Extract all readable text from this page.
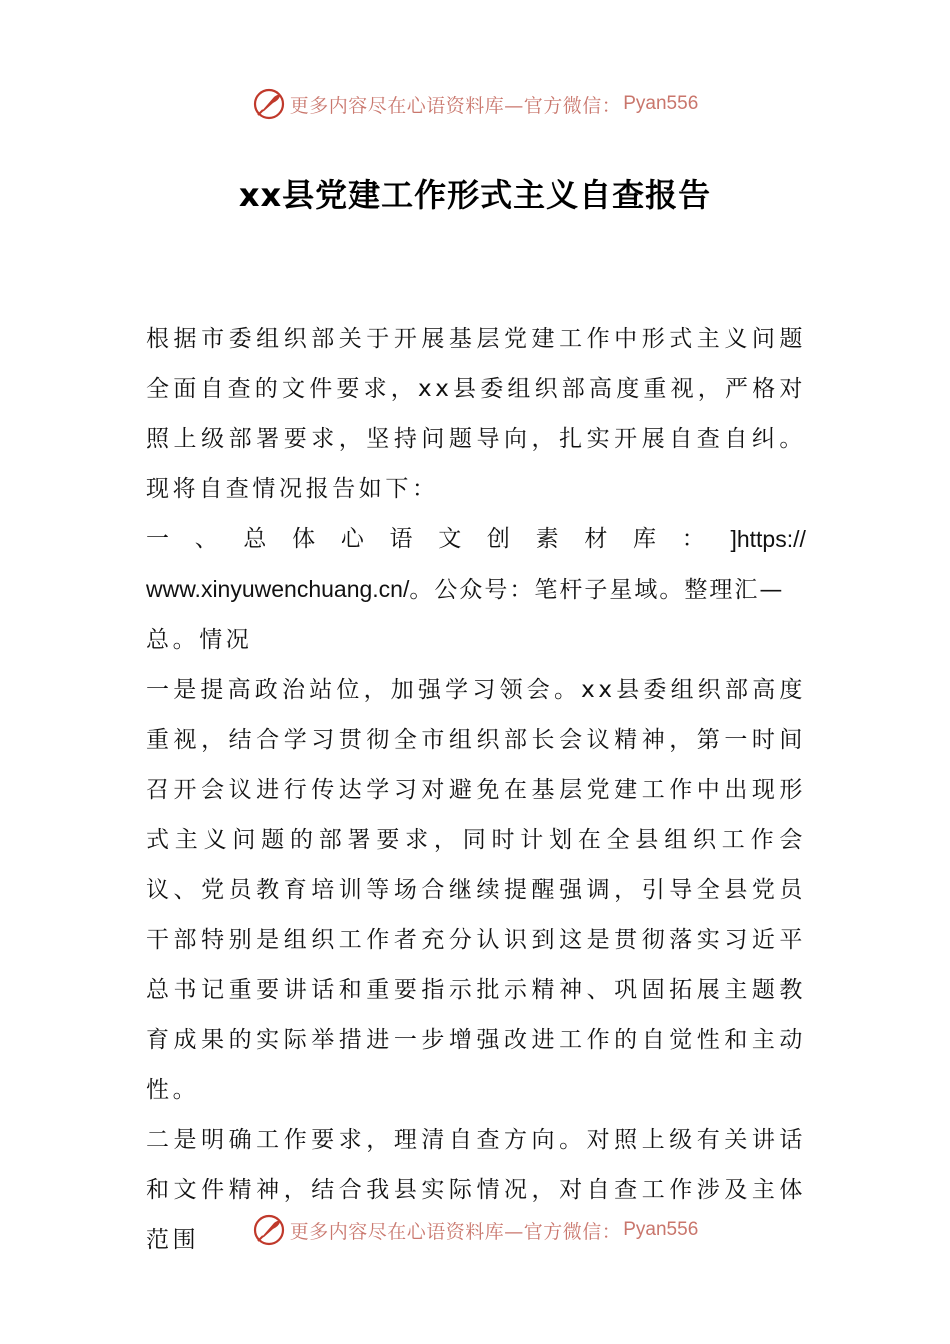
更多内容尽在心语资料库—官方微信： Pyan556
xx县党建工作形式主义自查报告

根据市委组织部关于开展基层党建工作中形式主义问题全面自查的文件要求，xx县委组织部高度重视，严格对照上级部署要求，坚持问题导向，扎实开展自查自纠。现将自查情况报告如下：

一 、 总 体 心 语 文 创 素 材 库 ： ]https://
www.xinyuwenchuang.cn/。公众号：笔杆子星域。整理汇—

总。情况

一是提高政治站位，加强学习领会。xx县委组织部高度重视，结合学习贯彻全市组织部长会议精神，第一时间召开会议进行传达学习对避免在基层党建工作中出现形式主义问题的部署要求，同时计划在全县组织工作会议、党员教育培训等场合继续提醒强调，引导全县党员干部特别是组织工作者充分认识到这是贯彻落实习近平总书记重要讲话和重要指示批示精神、巩固拓展主题教育成果的实际举措进一步增强改进工作的自觉性和主动性。

二是明确工作要求，理清自查方向。对照上级有关讲话和文件精神，结合我县实际情况，对自查工作涉及主体范围	更多内容尽在心语资料库—官方微信： Pyan556
